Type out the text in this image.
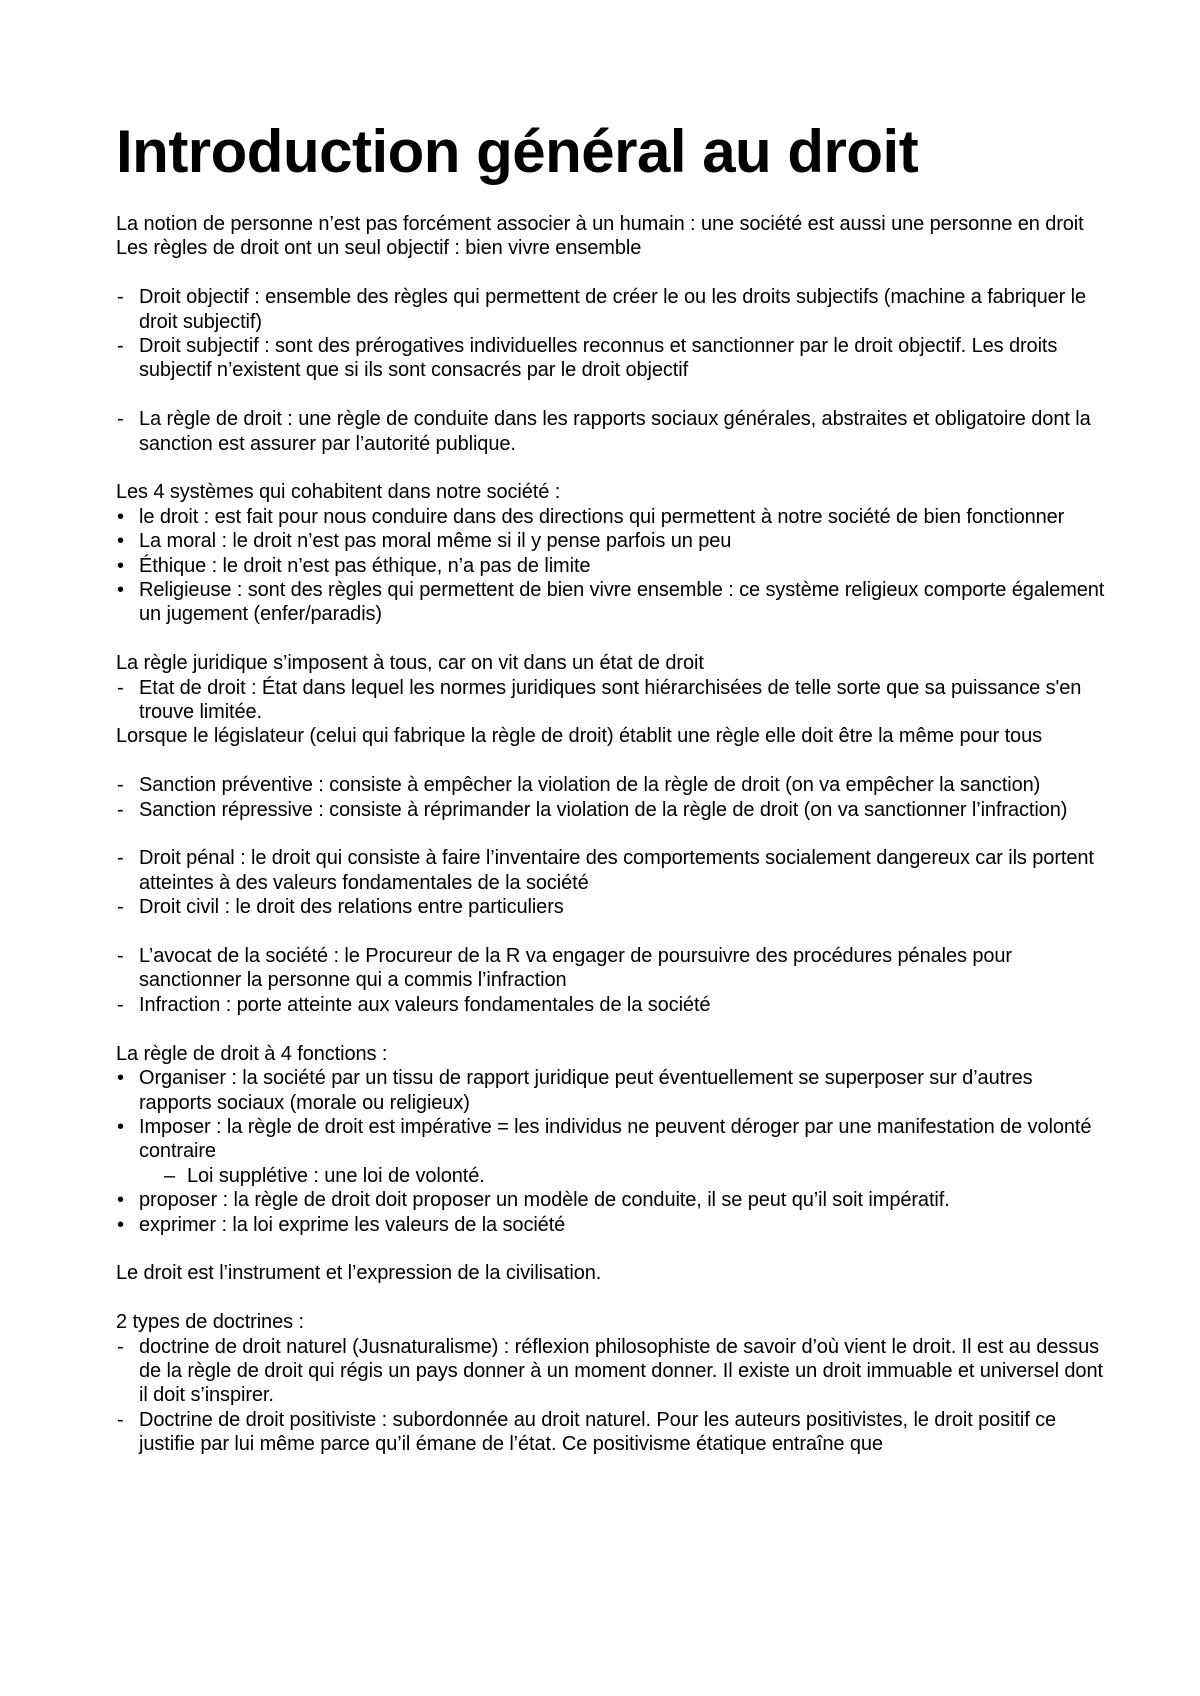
Introduction général au droit

La notion de personne n’est pas forcément associer à un humain : une société est aussi une personne en droit

Les règles de droit ont un seul objectif : bien vivre ensemble

- Droit objectif : ensemble des règles qui permettent de créer le ou les droits subjectifs (machine a fabriquer le droit subjectif)
- Droit subjectif : sont des prérogatives individuelles reconnus et sanctionner par le droit objectif. Les droits subjectif n’existent que si ils sont consacrés par le droit objectif
- La règle de droit : une règle de conduite dans les rapports sociaux générales, abstraites et obligatoire dont la sanction est assurer par l’autorité publique.

Les 4 systèmes qui cohabitent dans notre société :

• le droit : est fait pour nous conduire dans des directions qui permettent à notre société de bien fonctionner
• La moral : le droit n’est pas moral même si il y pense parfois un peu
• Éthique : le droit n’est pas éthique, n’a pas de limite
• Religieuse : sont des règles qui permettent de bien vivre ensemble : ce système religieux comporte également un jugement (enfer/paradis)

La règle juridique s’imposent à tous, car on vit dans un état de droit

- Etat de droit : État dans lequel les normes juridiques sont hiérarchisées de telle sorte que sa puissance s'en trouve limitée.

Lorsque le législateur (celui qui fabrique la règle de droit) établit une règle elle doit être la même pour tous

- Sanction préventive : consiste à empêcher la violation de la règle de droit (on va empêcher la sanction)
- Sanction répressive : consiste à réprimander la violation de la règle de droit (on va sanctionner l’infraction)
- Droit pénal : le droit qui consiste à faire l’inventaire des comportements socialement dangereux car ils portent atteintes à des valeurs fondamentales de la société
- Droit civil : le droit des relations entre particuliers
- L’avocat de la société : le Procureur de la R va engager de poursuivre des procédures pénales pour sanctionner la personne qui a commis l’infraction
- Infraction : porte atteinte aux valeurs fondamentales de la société

La règle de droit à 4 fonctions :

• Organiser : la société par un tissu de rapport juridique peut éventuellement se superposer sur d’autres rapports sociaux (morale ou religieux)
• Imposer : la règle de droit est impérative = les individus ne peuvent déroger par une manifestation de volonté contraire
– Loi supplétive : une loi de volonté.
• proposer : la règle de droit doit proposer un modèle de conduite, il se peut qu’il soit impératif.
• exprimer : la loi exprime les valeurs de la société

Le droit est l’instrument et l’expression de la civilisation.

2 types de doctrines :

- doctrine de droit naturel (Jusnaturalisme) : réflexion philosophiste de savoir d’où vient le droit. Il est au dessus de la règle de droit qui régis un pays donner à un moment donner. Il existe un droit immuable et universel dont il doit s’inspirer.
- Doctrine de droit positiviste : subordonnée au droit naturel. Pour les auteurs positivistes, le droit positif ce justifie par lui même parce qu’il émane de l’état. Ce positivisme étatique entraîne que
